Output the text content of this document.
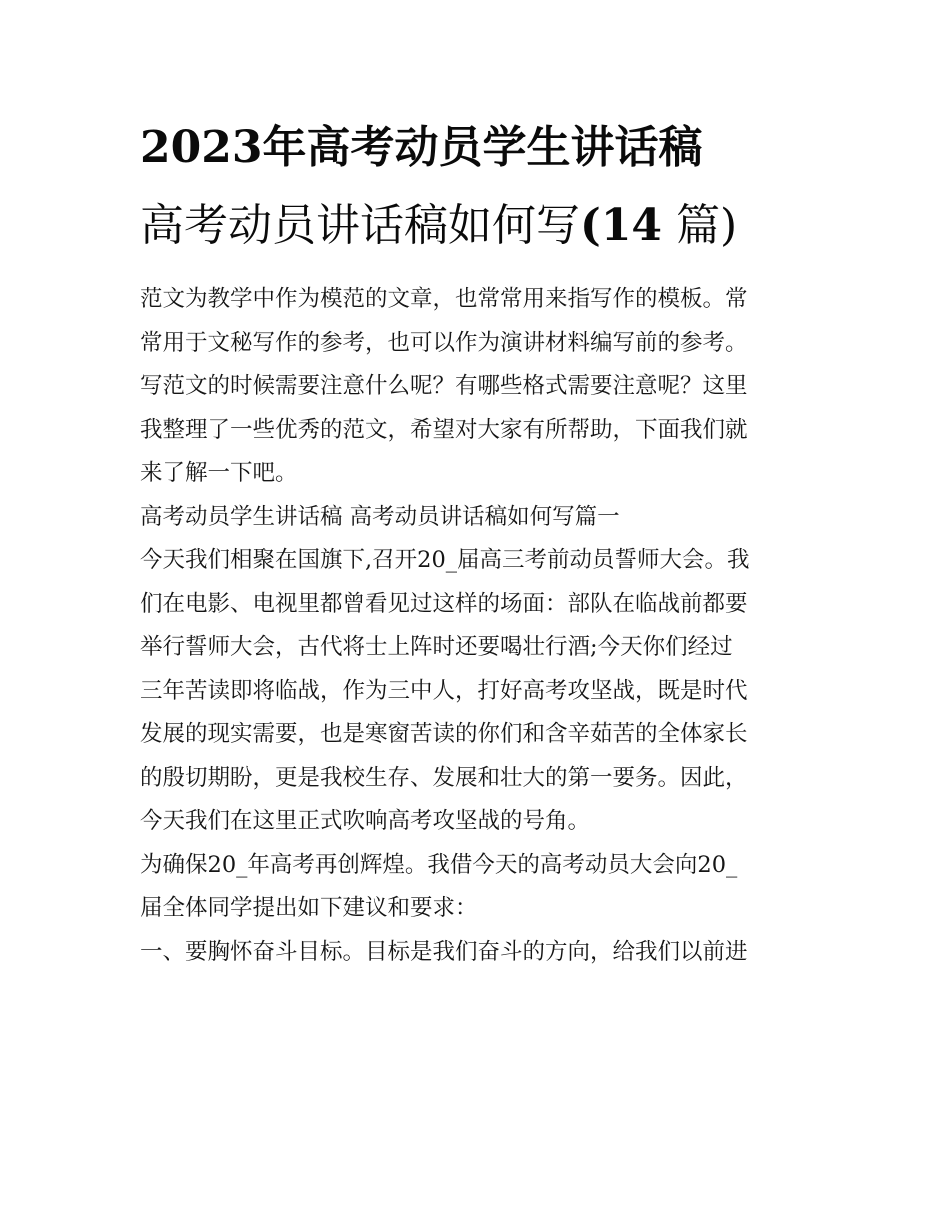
2023年高考动员学生讲话稿
高考动员讲话稿如何写(14 篇)
范文为教学中作为模范的文章，也常常用来指写作的模板。常
常用于文秘写作的参考，也可以作为演讲材料编写前的参考。
写范文的时候需要注意什么呢？有哪些格式需要注意呢？这里
我整理了一些优秀的范文，希望对大家有所帮助，下面我们就
来了解一下吧。
高考动员学生讲话稿 高考动员讲话稿如何写篇一
今天我们相聚在国旗下,召开20_届高三考前动员誓师大会。我
们在电影、电视里都曾看见过这样的场面：部队在临战前都要
举行誓师大会，古代将士上阵时还要喝壮行酒;今天你们经过
三年苦读即将临战，作为三中人，打好高考攻坚战，既是时代
发展的现实需要，也是寒窗苦读的你们和含辛茹苦的全体家长
的殷切期盼，更是我校生存、发展和壮大的第一要务。因此，
今天我们在这里正式吹响高考攻坚战的号角。
为确保20_年高考再创辉煌。我借今天的高考动员大会向20_
届全体同学提出如下建议和要求：
一、要胸怀奋斗目标。目标是我们奋斗的方向，给我们以前进
